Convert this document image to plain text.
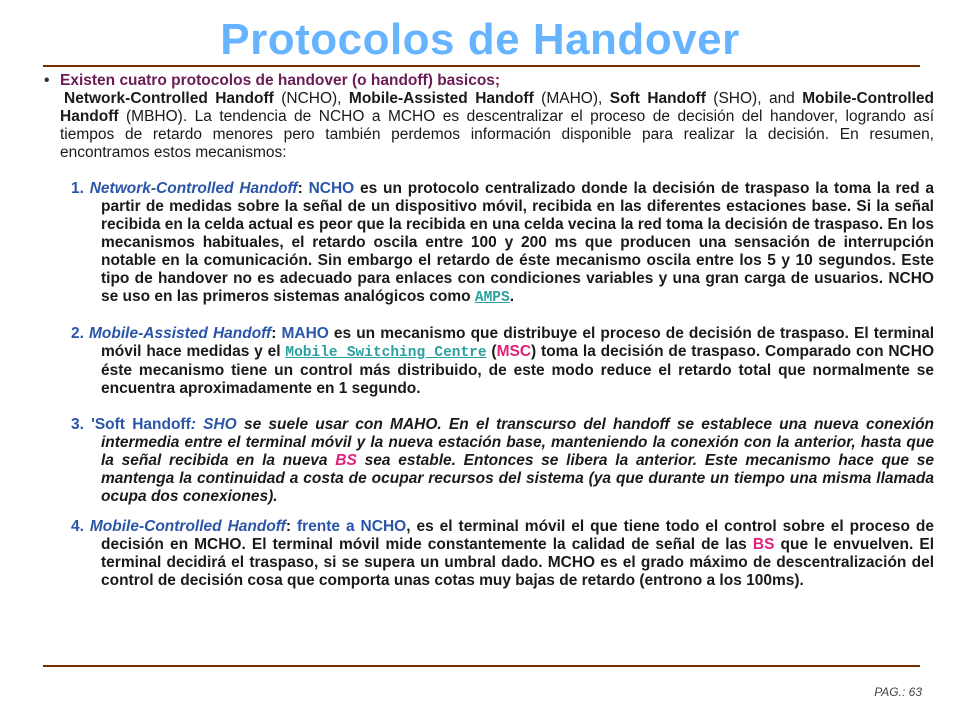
Protocolos de Handover
• Existen cuatro protocolos de handover (o handoff) basicos;
Network-Controlled Handoff (NCHO), Mobile-Assisted Handoff (MAHO), Soft Handoff (SHO), and Mobile-Controlled Handoff (MBHO). La tendencia de NCHO a MCHO es descentralizar el proceso de decisión del handover, logrando así tiempos de retardo menores pero también perdemos información disponible para realizar la decisión. En resumen, encontramos estos mecanismos:
1. Network-Controlled Handoff: NCHO es un protocolo centralizado donde la decisión de traspaso la toma la red a partir de medidas sobre la señal de un dispositivo móvil, recibida en las diferentes estaciones base. Si la señal recibida en la celda actual es peor que la recibida en una celda vecina la red toma la decisión de traspaso. En los mecanismos habituales, el retardo oscila entre 100 y 200 ms que producen una sensación de interrupción notable en la comunicación. Sin embargo el retardo de éste mecanismo oscila entre los 5 y 10 segundos. Este tipo de handover no es adecuado para enlaces con condiciones variables y una gran carga de usuarios. NCHO se uso en las primeros sistemas analógicos como AMPS.
2. Mobile-Assisted Handoff: MAHO es un mecanismo que distribuye el proceso de decisión de traspaso. El terminal móvil hace medidas y el Mobile Switching Centre (MSC) toma la decisión de traspaso. Comparado con NCHO éste mecanismo tiene un control más distribuido, de este modo reduce el retardo total que normalmente se encuentra aproximadamente en 1 segundo.
3. 'Soft Handoff: SHO se suele usar con MAHO. En el transcurso del handoff se establece una nueva conexión intermedia entre el terminal móvil y la nueva estación base, manteniendo la conexión con la anterior, hasta que la señal recibida en la nueva BS sea estable. Entonces se libera la anterior. Este mecanismo hace que se mantenga la continuidad a costa de ocupar recursos del sistema (ya que durante un tiempo una misma llamada ocupa dos conexiones).
4. Mobile-Controlled Handoff: frente a NCHO, es el terminal móvil el que tiene todo el control sobre el proceso de decisión en MCHO. El terminal móvil mide constantemente la calidad de señal de las BS que le envuelven. El terminal decidirá el traspaso, si se supera un umbral dado. MCHO es el grado máximo de descentralización del control de decisión cosa que comporta unas cotas muy bajas de retardo (entrono a los 100ms).
PAG.: 63
